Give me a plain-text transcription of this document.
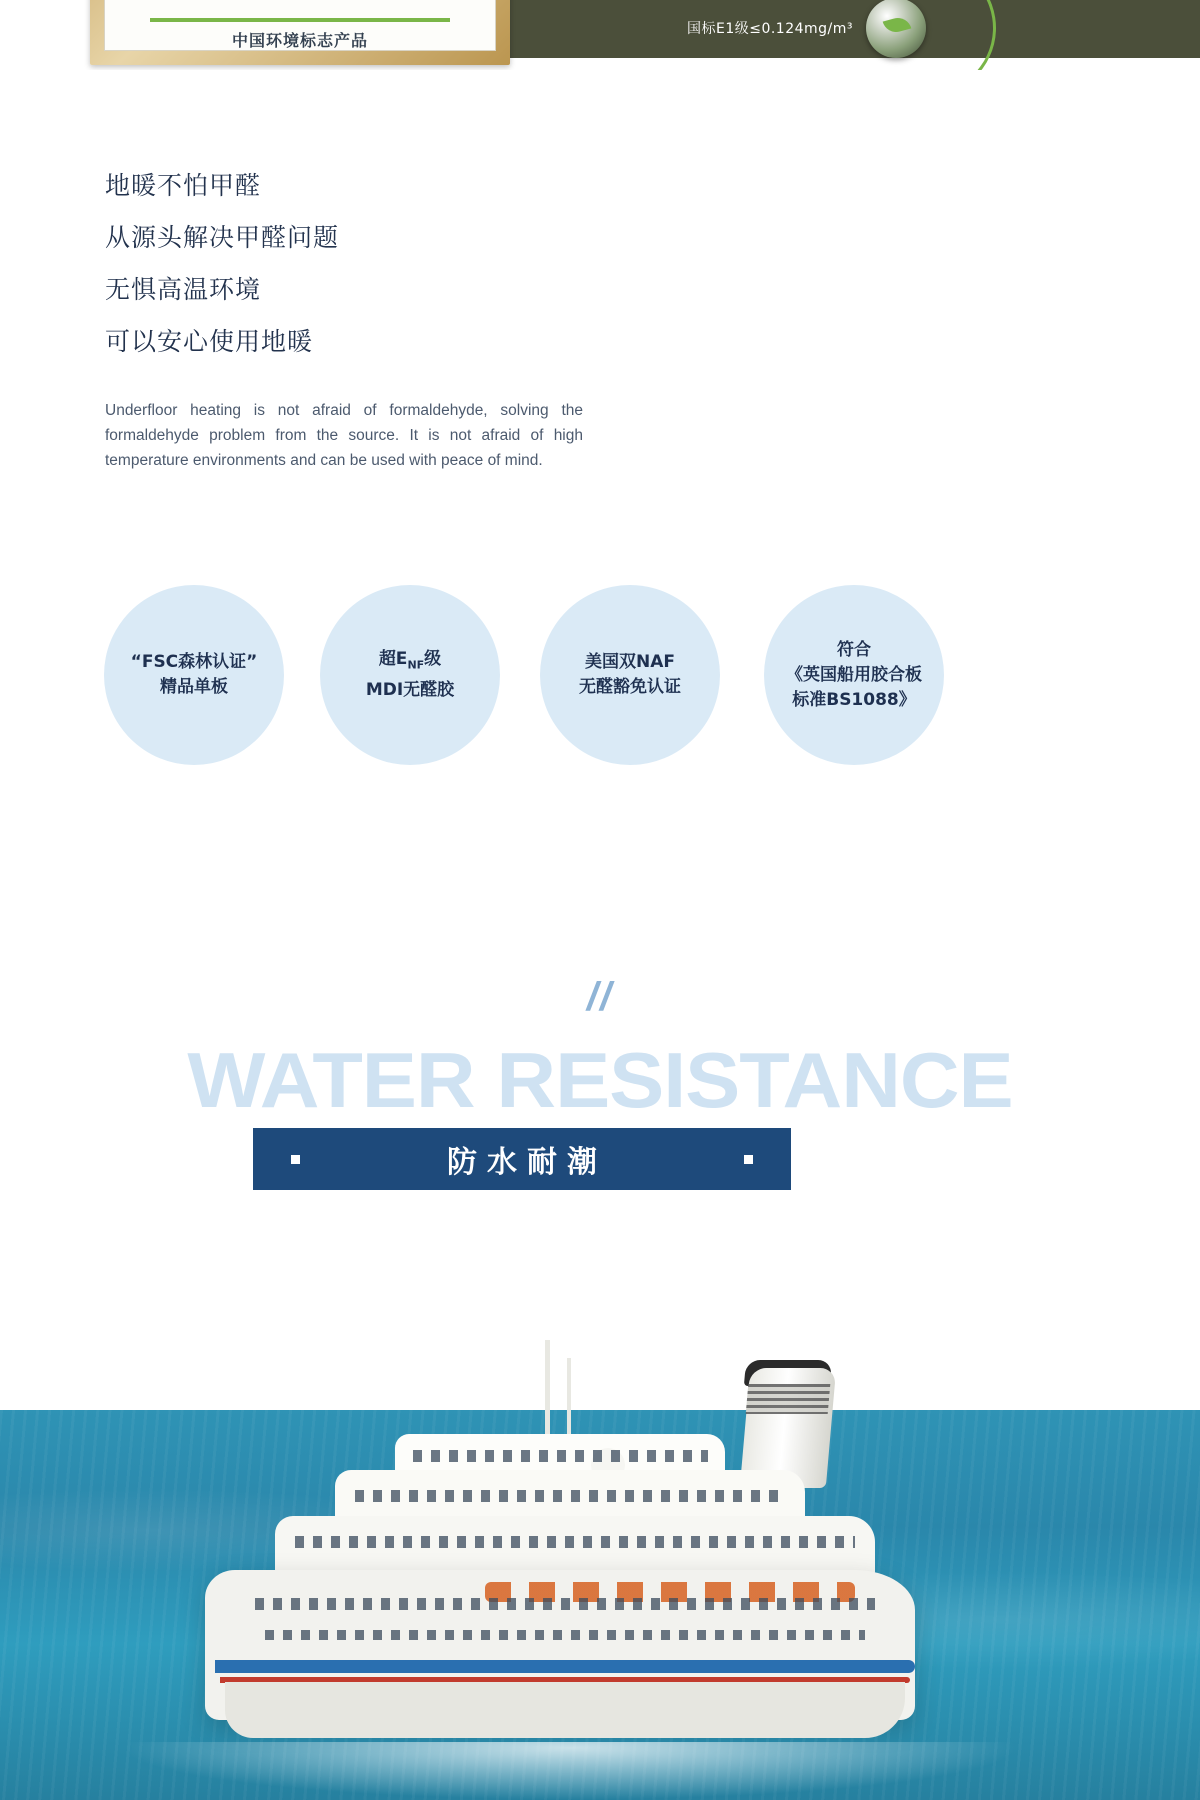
国标E1级≤0.124mg/m³
中国环境标志产品
地暖不怕甲醛
从源头解决甲醛问题
无惧高温环境
可以安心使用地暖
Underfloor heating is not afraid of formaldehyde, solving the formaldehyde problem from the source. It is not afraid of high temperature environments and can be used with peace of mind.
“FSC森林认证”
精品单板
超$E_{NF}$级
MDI无醛胶
美国双NAF
无醛豁免认证
符合
《英国船用胶合板
标准BS1088》
//
WATER RESISTANCE
防水耐潮
